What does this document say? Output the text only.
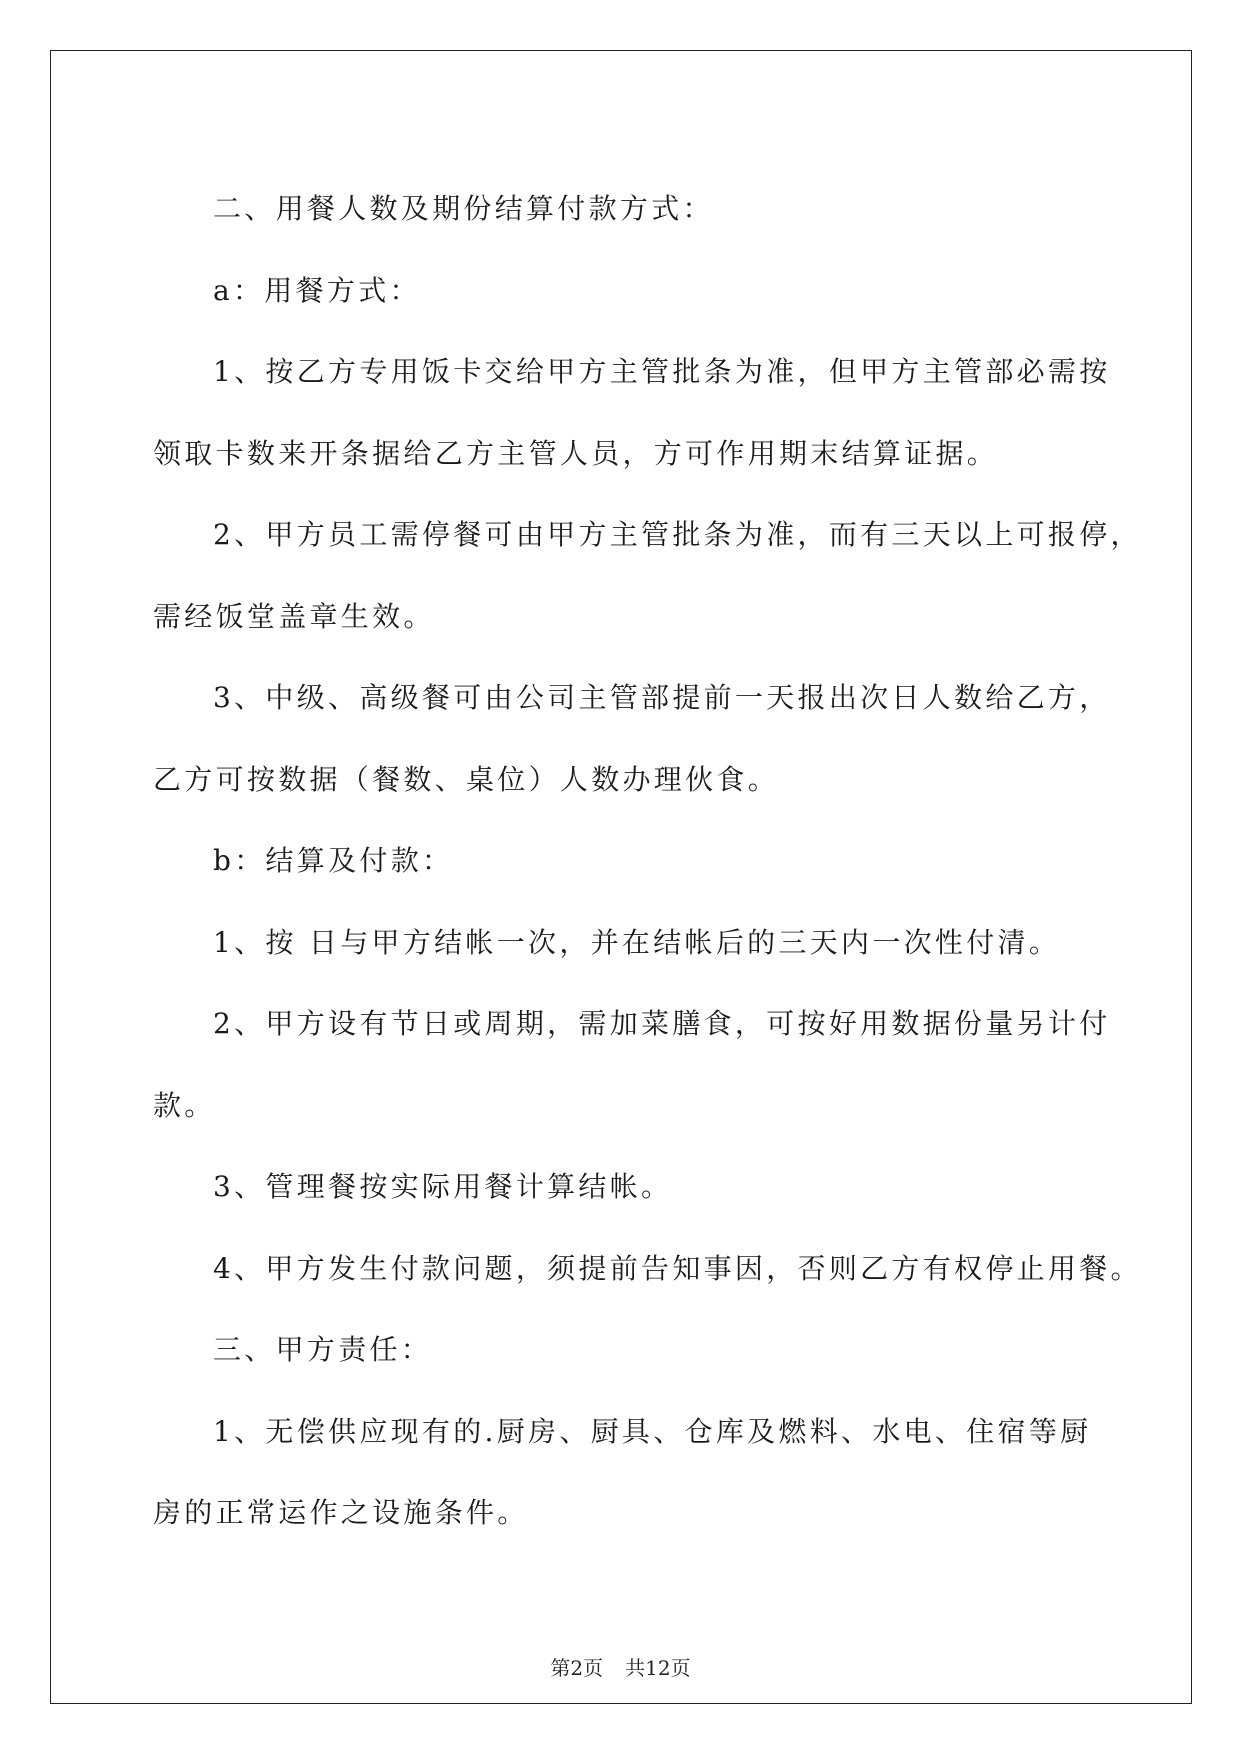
二、用餐人数及期份结算付款方式：

a：用餐方式：

1、按乙方专用饭卡交给甲方主管批条为准，但甲方主管部必需按

领取卡数来开条据给乙方主管人员，方可作用期末结算证据。

2、甲方员工需停餐可由甲方主管批条为准，而有三天以上可报停，

需经饭堂盖章生效。

3、中级、高级餐可由公司主管部提前一天报出次日人数给乙方，

乙方可按数据（餐数、桌位）人数办理伙食。

b：结算及付款：

1、按 日与甲方结帐一次，并在结帐后的三天内一次性付清。

2、甲方设有节日或周期，需加菜膳食，可按好用数据份量另计付

款。

3、管理餐按实际用餐计算结帐。

4、甲方发生付款问题，须提前告知事因，否则乙方有权停止用餐。

三、甲方责任：

1、无偿供应现有的.厨房、厨具、仓库及燃料、水电、住宿等厨

房的正常运作之设施条件。

第2页 共12页
